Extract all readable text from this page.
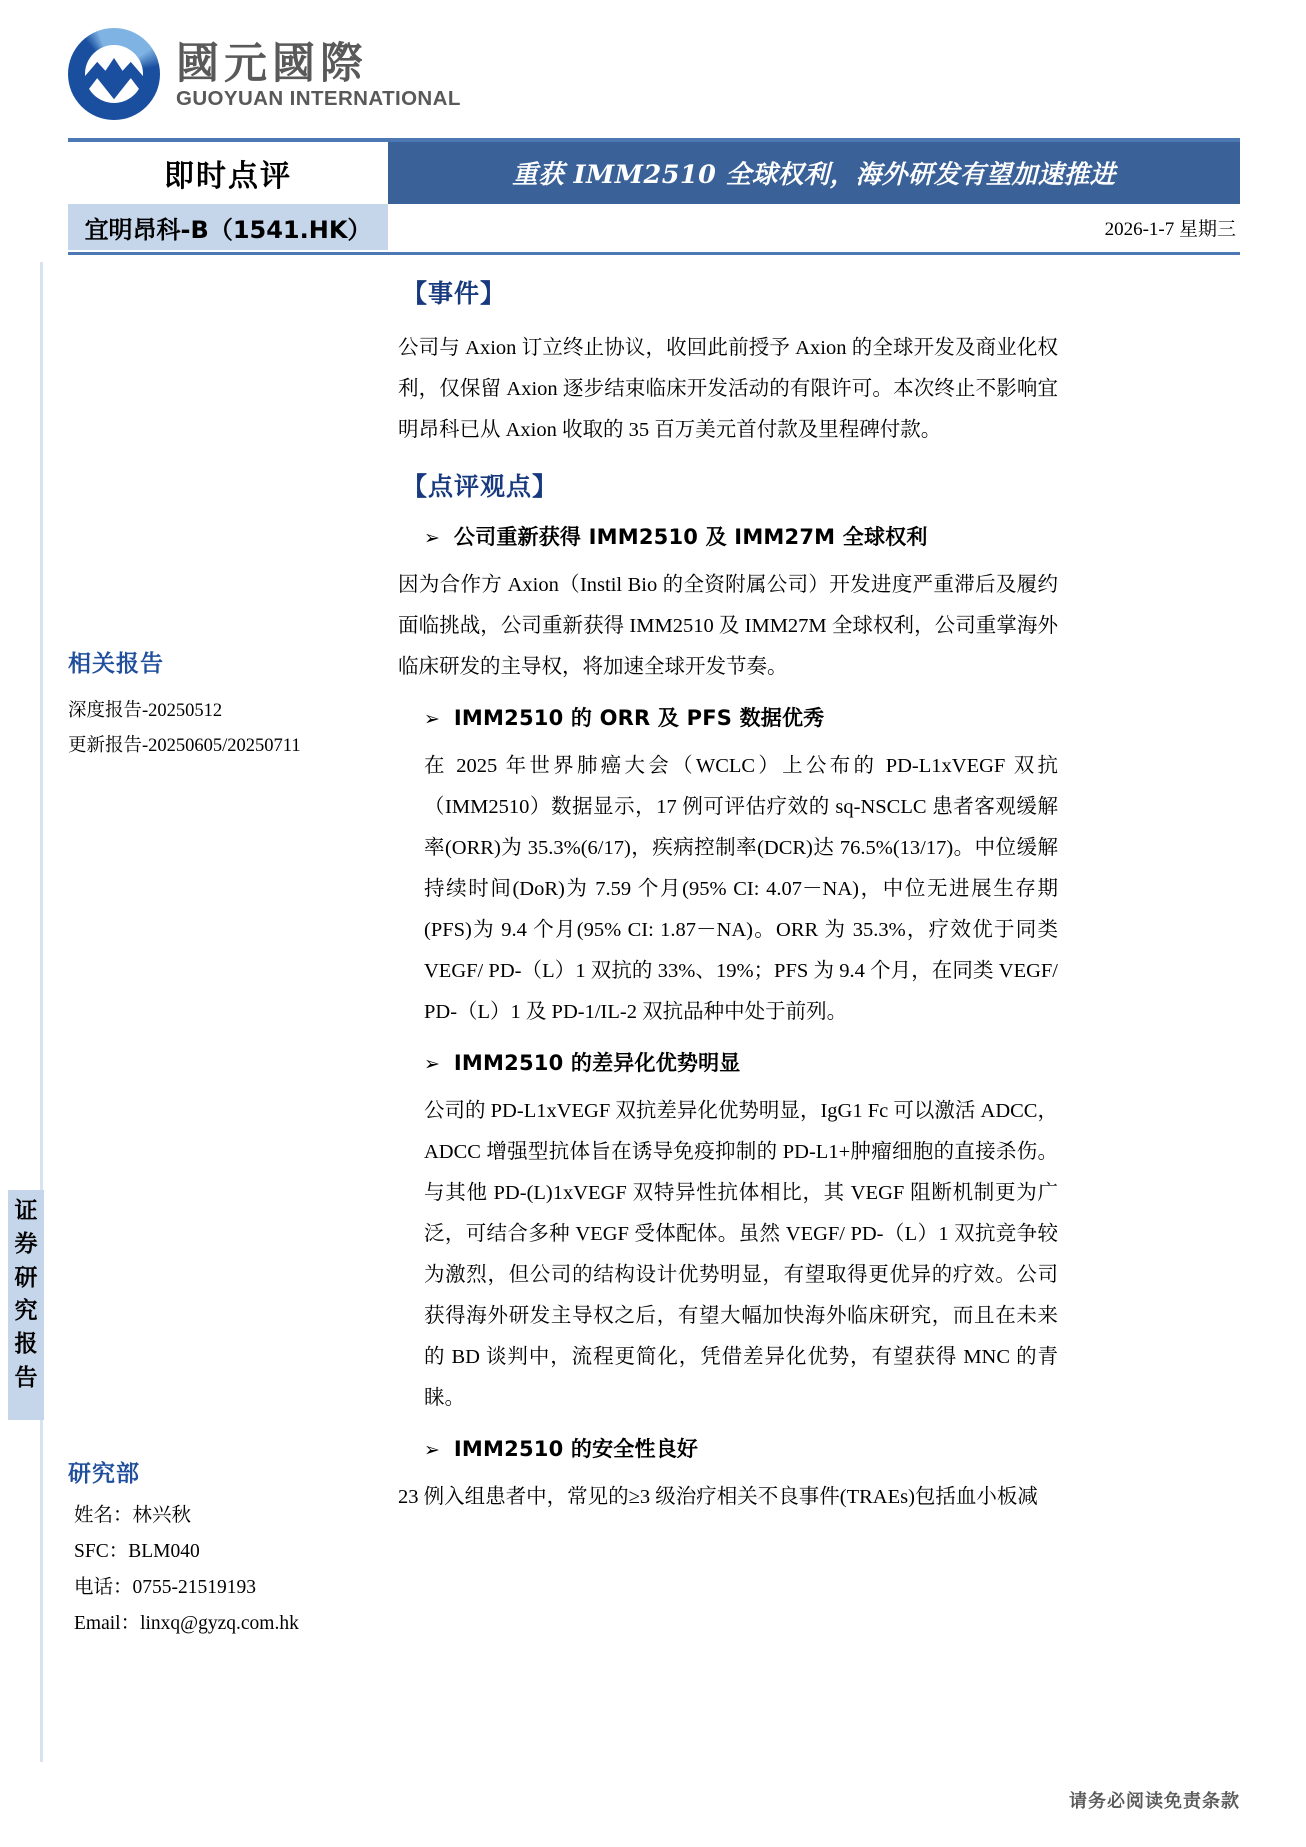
國元國際
GUOYUAN INTERNATIONAL
即时点评	重获 IMM2510 全球权利，海外研发有望加速推进
宜明昂科-B（1541.HK）	2026-1-7 星期三
证
券
研
究
报
告
相关报告
深度报告-20250512
更新报告-20250605/20250711
研究部
姓名：林兴秋
SFC：BLM040
电话：0755-21519193
Email：linxq@gyzq.com.hk
【事件】

公司与 Axion 订立终止协议，收回此前授予 Axion 的全球开发及商业化权利，仅保留 Axion 逐步结束临床开发活动的有限许可。本次终止不影响宜明昂科已从 Axion 收取的 35 百万美元首付款及里程碑付款。

【点评观点】
➢ 公司重新获得 IMM2510 及 IMM27M 全球权利

因为合作方 Axion（Instil Bio 的全资附属公司）开发进度严重滞后及履约面临挑战，公司重新获得 IMM2510 及 IMM27M 全球权利，公司重掌海外临床研发的主导权，将加速全球开发节奏。

➢ IMM2510 的 ORR 及 PFS 数据优秀

在 2025 年世界肺癌大会（WCLC）上公布的 PD-L1xVEGF 双抗（IMM2510）数据显示，17 例可评估疗效的 sq-NSCLC 患者客观缓解率(ORR)为 35.3%(6/17)，疾病控制率(DCR)达 76.5%(13/17)。中位缓解持续时间(DoR)为 7.59 个月(95% CI: 4.07－NA)，中位无进展生存期(PFS)为 9.4 个月(95% CI: 1.87－NA)。ORR 为 35.3%，疗效优于同类 VEGF/ PD-（L）1 双抗的 33%、19%；PFS 为 9.4 个月，在同类 VEGF/ PD-（L）1 及 PD-1/IL-2 双抗品种中处于前列。

➢ IMM2510 的差异化优势明显

公司的 PD-L1xVEGF 双抗差异化优势明显，IgG1 Fc 可以激活 ADCC，ADCC 增强型抗体旨在诱导免疫抑制的 PD-L1+肿瘤细胞的直接杀伤。与其他 PD-(L)1xVEGF 双特异性抗体相比，其 VEGF 阻断机制更为广泛，可结合多种 VEGF 受体配体。虽然 VEGF/ PD-（L）1 双抗竞争较为激烈，但公司的结构设计优势明显，有望取得更优异的疗效。公司获得海外研发主导权之后，有望大幅加快海外临床研究，而且在未来的 BD 谈判中，流程更简化，凭借差异化优势，有望获得 MNC 的青睐。

➢ IMM2510 的安全性良好

23 例入组患者中，常见的≥3 级治疗相关不良事件(TRAEs)包括血小板减

请务必阅读免责条款
